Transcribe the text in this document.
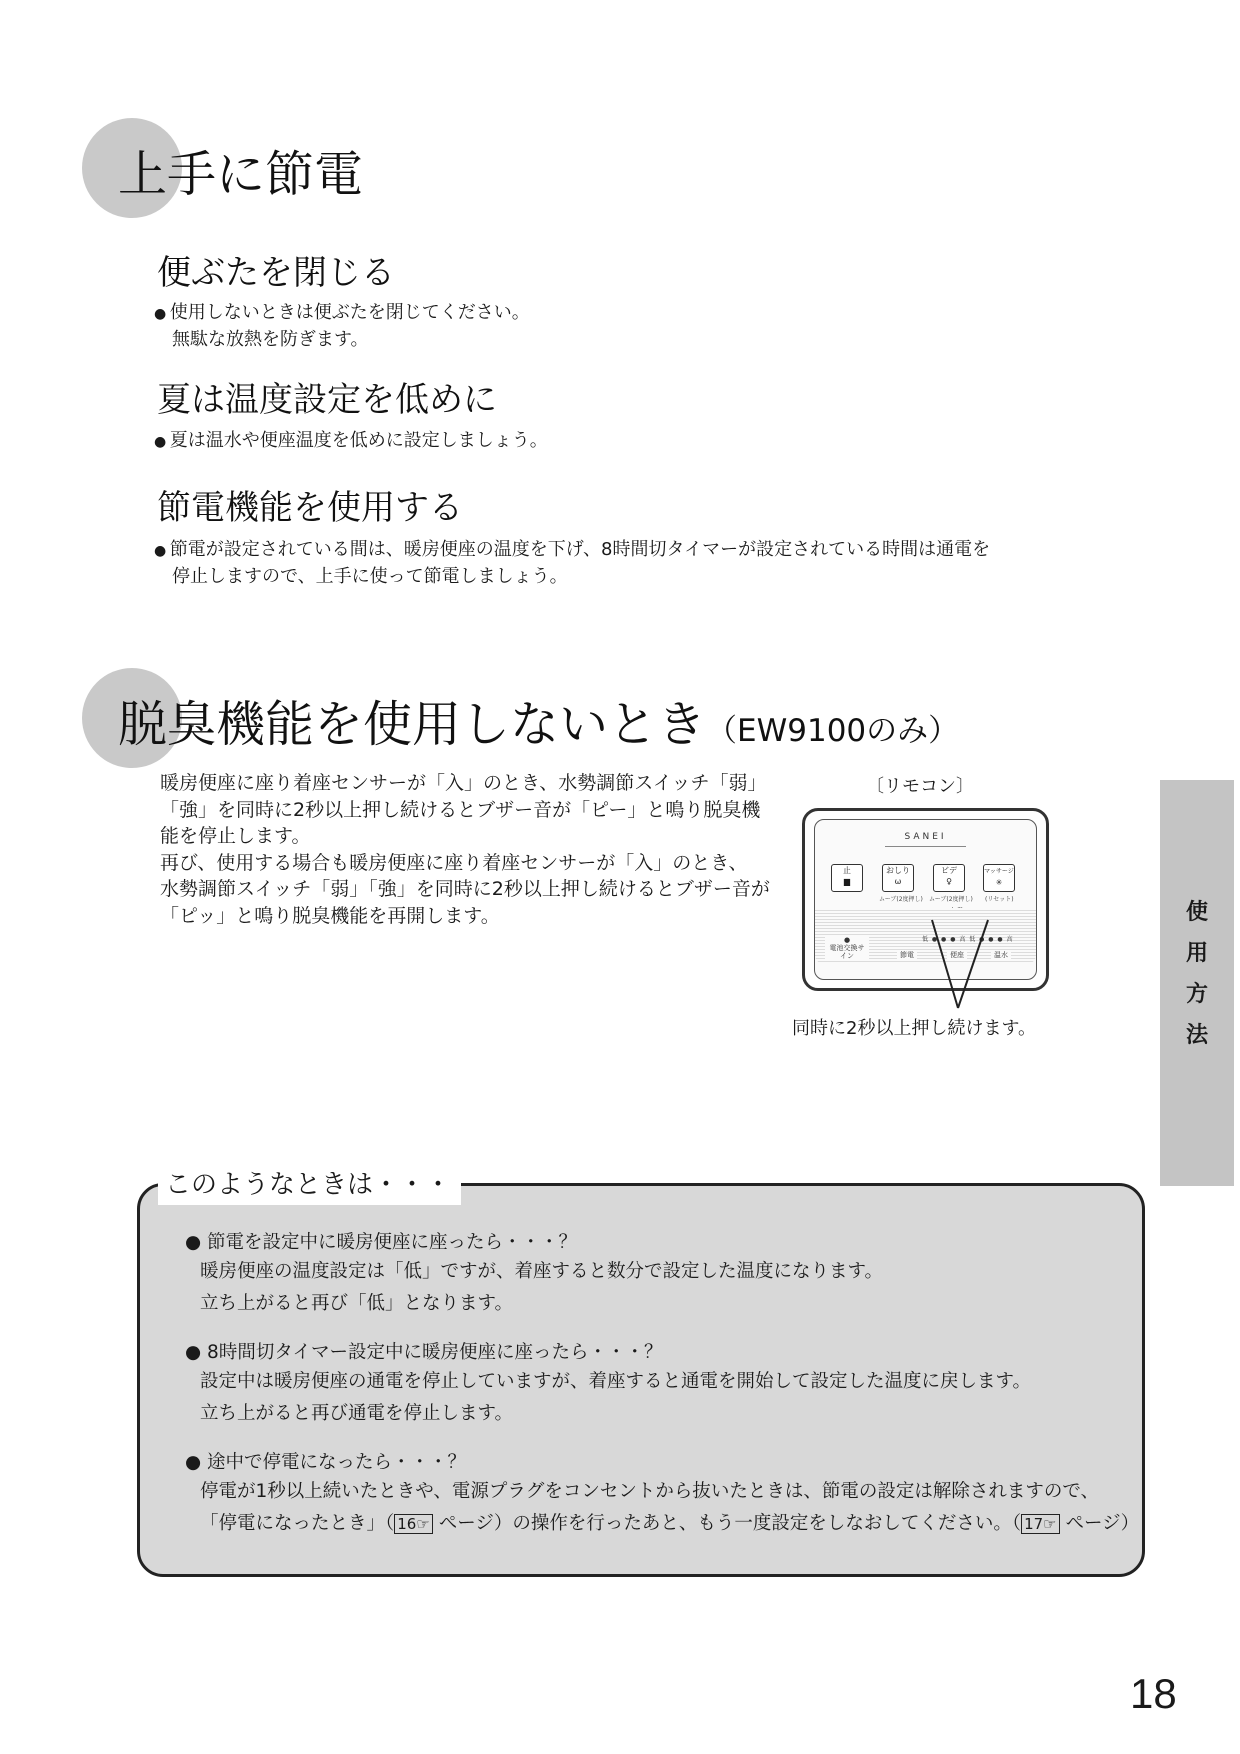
上手に節電
便ぶたを閉じる
● 使用しないときは便ぶたを閉じてください。
無駄な放熱を防ぎます。
夏は温度設定を低めに
● 夏は温水や便座温度を低めに設定しましょう。
節電機能を使用する
● 節電が設定されている間は、暖房便座の温度を下げ、8時間切タイマーが設定されている時間は通電を
停止しますので、上手に使って節電しましょう。
脱臭機能を使用しないとき（EW9100のみ）
暖房便座に座り着座センサーが「入」のとき、水勢調節スイッチ「弱」
「強」を同時に2秒以上押し続けるとブザー音が「ピー」と鳴り脱臭機
能を停止します。
再び、使用する場合も暖房便座に座り着座センサーが「入」のとき、
水勢調節スイッチ「弱」「強」を同時に2秒以上押し続けるとブザー音が
「ピッ」と鳴り脱臭機能を再開します。
〔リモコン〕
SANEI
止
▆
おしり
ω
ビデ
♀
マッサージ
✳
ムーブ(2度押し) ムーブ(2度押し) (リセット)
低 ● ● ● 高 低 ● ● ● 高
●
電池交換サイン	節電	便座	温水
同時に2秒以上押し続けます。
使
用
方
法
このようなときは・・・
● 節電を設定中に暖房便座に座ったら・・・？
暖房便座の温度設定は「低」ですが、着座すると数分で設定した温度になります。
立ち上がると再び「低」となります。
● 8時間切タイマー設定中に暖房便座に座ったら・・・？
設定中は暖房便座の通電を停止していますが、着座すると通電を開始して設定した温度に戻します。
立ち上がると再び通電を停止します。
● 途中で停電になったら・・・？
停電が1秒以上続いたときや、電源プラグをコンセントから抜いたときは、節電の設定は解除されますので、
「停電になったとき」（ 16☞ ページ）の操作を行ったあと、もう一度設定をしなおしてください。（ 17☞ ページ）
18
